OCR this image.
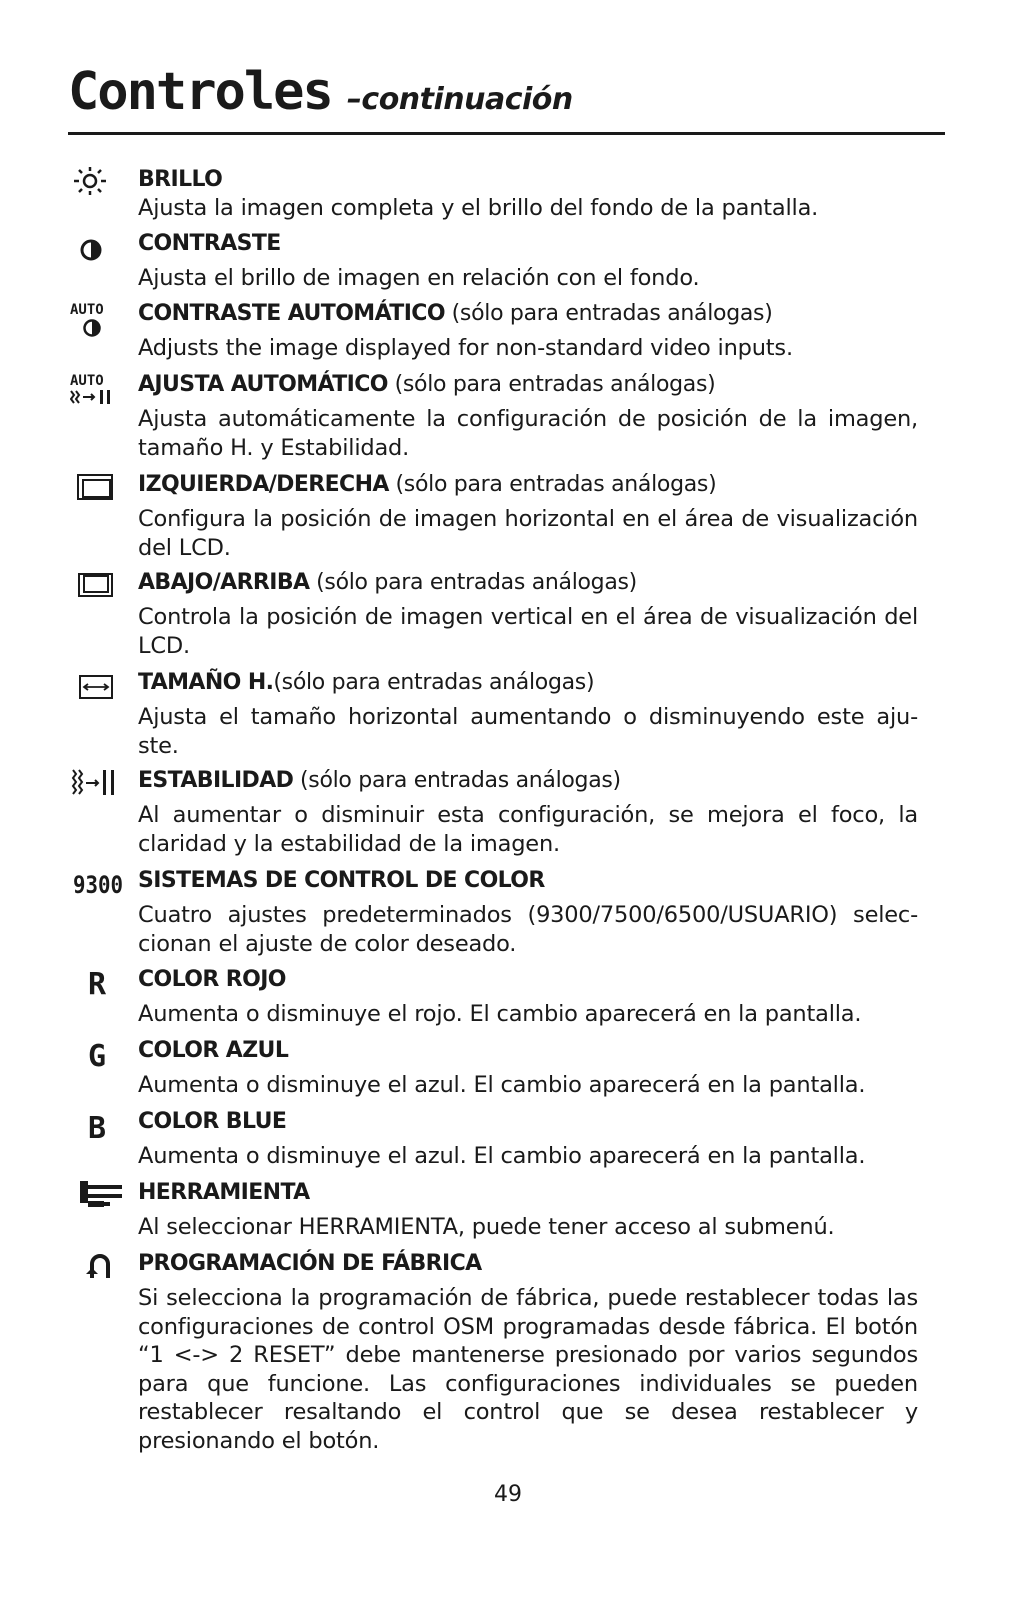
Controles –continuación
BRILLO
Ajusta la imagen completa y el brillo del fondo de la pantalla.
CONTRASTE
Ajusta el brillo de imagen en relación con el fondo.
AUTO CONTRASTE AUTOMÁTICO (sólo para entradas análogas)
Adjusts the image displayed for non-standard video inputs.
AUTO AJUSTA AUTOMÁTICO (sólo para entradas análogas)
Ajusta automáticamente la configuración de posición de la imagen, tamaño H. y Estabilidad.
IZQUIERDA/DERECHA (sólo para entradas análogas)
Configura la posición de imagen horizontal en el área de visualización del LCD.
ABAJO/ARRIBA (sólo para entradas análogas)
Controla la posición de imagen vertical en el área de visualización del LCD.
TAMAÑO H.(sólo para entradas análogas)
Ajusta el tamaño horizontal aumentando o disminuyendo este aju-ste.
ESTABILIDAD (sólo para entradas análogas)
Al aumentar o disminuir esta configuración, se mejora el foco, la claridad y la estabilidad de la imagen.
9300 SISTEMAS DE CONTROL DE COLOR
Cuatro ajustes predeterminados (9300/7500/6500/USUARIO) selec-cionan el ajuste de color deseado.
R COLOR ROJO
Aumenta o disminuye el rojo. El cambio aparecerá en la pantalla.
G COLOR AZUL
Aumenta o disminuye el azul. El cambio aparecerá en la pantalla.
B COLOR BLUE
Aumenta o disminuye el azul. El cambio aparecerá en la pantalla.
HERRAMIENTA
Al seleccionar HERRAMIENTA, puede tener acceso al submenú.
PROGRAMACIÓN DE FÁBRICA
Si selecciona la programación de fábrica, puede restablecer todas las configuraciones de control OSM programadas desde fábrica. El botón “1 <-> 2 RESET” debe mantenerse presionado por varios segundos para que funcione. Las configuraciones individuales se pueden restablecer resaltando el control que se desea restablecer y presionando el botón.
49
